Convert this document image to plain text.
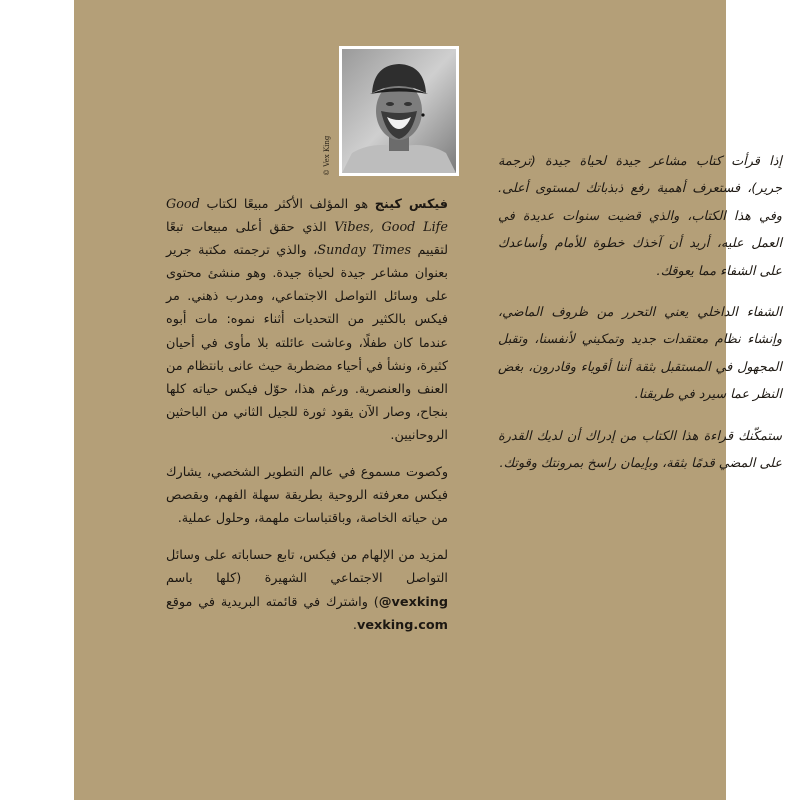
© Vex King	إذا قرأت كتاب مشاعر جيدة لحياة جيدة (ترجمة جرير)، فستعرف أهمية رفع ذبذباتك لمستوى أعلى. وفي هذا الكتاب، والذي قضيت سنوات عديدة في العمل عليه، أريد أن آخذك خطوة للأمام وأساعدك على الشفاء مما يعوقك.

الشفاء الداخلي يعني التحرر من ظروف الماضي، وإنشاء نظام معتقدات جديد وتمكيني لأنفسنا، وتقبل المجهول في المستقبل بثقة أننا أقوياء وقادرون، بغض النظر عما سيرد في طريقنا.

ستمكّنك قراءة هذا الكتاب من إدراك أن لديك القدرة على المضي قدمًا بثقة، وبإيمان راسخ بمرونتك وقوتك.

فيكس كينج هو المؤلف الأكثر مبيعًا لكتاب Good Vibes, Good Life الذي حقق أعلى مبيعات تبعًا لتقييم Sunday Times، والذي ترجمته مكتبة جرير بعنوان مشاعر جيدة لحياة جيدة. وهو منشئ محتوى على وسائل التواصل الاجتماعي، ومدرب ذهني. مر فيكس بالكثير من التحديات أثناء نموه: مات أبوه عندما كان طفلًا، وعاشت عائلته بلا مأوى في أحيان كثيرة، ونشأ في أحياء مضطربة حيث عانى بانتظام من العنف والعنصرية. ورغم هذا، حوّل فيكس حياته كلها بنجاح، وصار الآن يقود ثورة للجيل الثاني من الباحثين الروحانيين.

وكصوت مسموع في عالم التطوير الشخصي، يشارك فيكس معرفته الروحية بطريقة سهلة الفهم، وبقصص من حياته الخاصة، وباقتباسات ملهمة، وحلول عملية.

لمزيد من الإلهام من فيكس، تابع حساباته على وسائل التواصل الاجتماعي الشهيرة (كلها باسم @vexking) واشترك في قائمته البريدية في موقع vexking.com.
